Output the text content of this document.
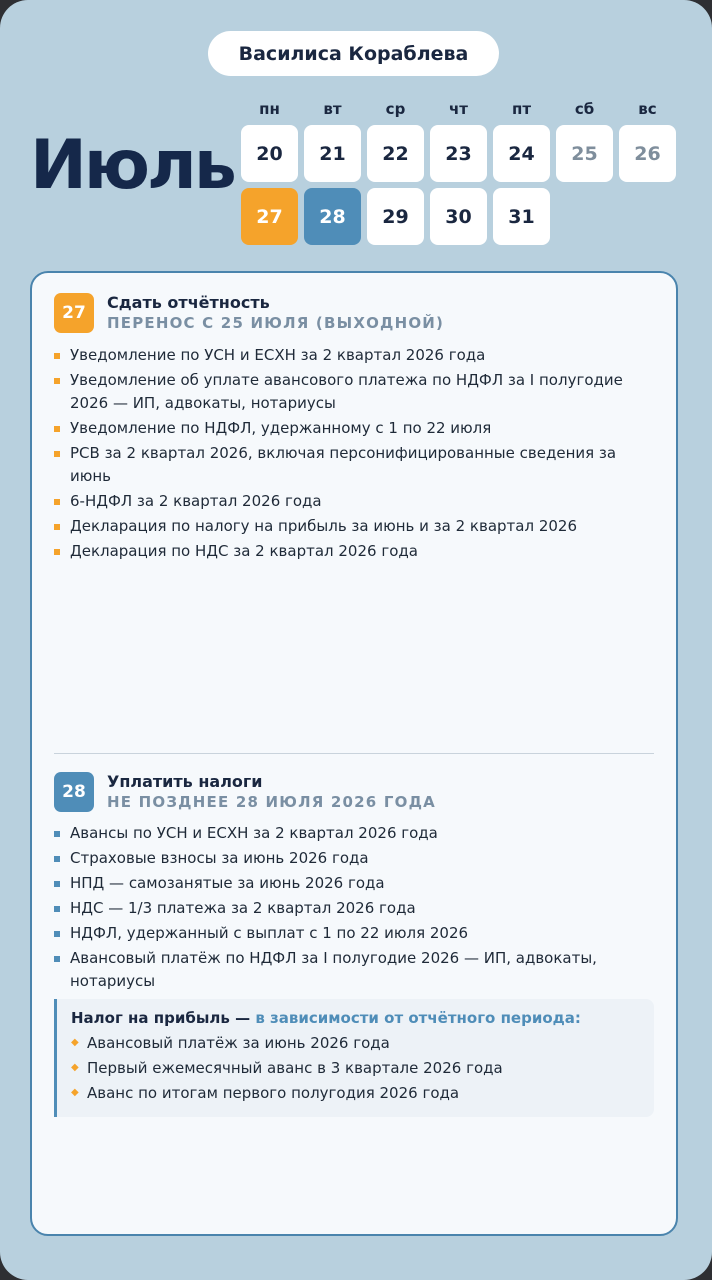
Василиса Кораблева
Июль
пн	вт	ср	чт	пт	сб	вс
20	21	22	23	24	25	26
27	28	29	30	31
27
Сдать отчётность
ПЕРЕНОС С 25 ИЮЛЯ (ВЫХОДНОЙ)
Уведомление по УСН и ЕСХН за 2 квартал 2026 года
Уведомление об уплате авансового платежа по НДФЛ за I полугодие 2026 — ИП, адвокаты, нотариусы
Уведомление по НДФЛ, удержанному с 1 по 22 июля
РСВ за 2 квартал 2026, включая персонифицированные сведения за июнь
6-НДФЛ за 2 квартал 2026 года
Декларация по налогу на прибыль за июнь и за 2 квартал 2026
Декларация по НДС за 2 квартал 2026 года
28
Уплатить налоги
НЕ ПОЗДНЕЕ 28 ИЮЛЯ 2026 ГОДА
Авансы по УСН и ЕСХН за 2 квартал 2026 года
Страховые взносы за июнь 2026 года
НПД — самозанятые за июнь 2026 года
НДС — 1/3 платежа за 2 квартал 2026 года
НДФЛ, удержанный с выплат с 1 по 22 июля 2026
Авансовый платёж по НДФЛ за I полугодие 2026 — ИП, адвокаты, нотариусы
Налог на прибыль — в зависимости от отчётного периода:
◆ Авансовый платёж за июнь 2026 года
◆ Первый ежемесячный аванс в 3 квартале 2026 года
◆ Аванс по итогам первого полугодия 2026 года
